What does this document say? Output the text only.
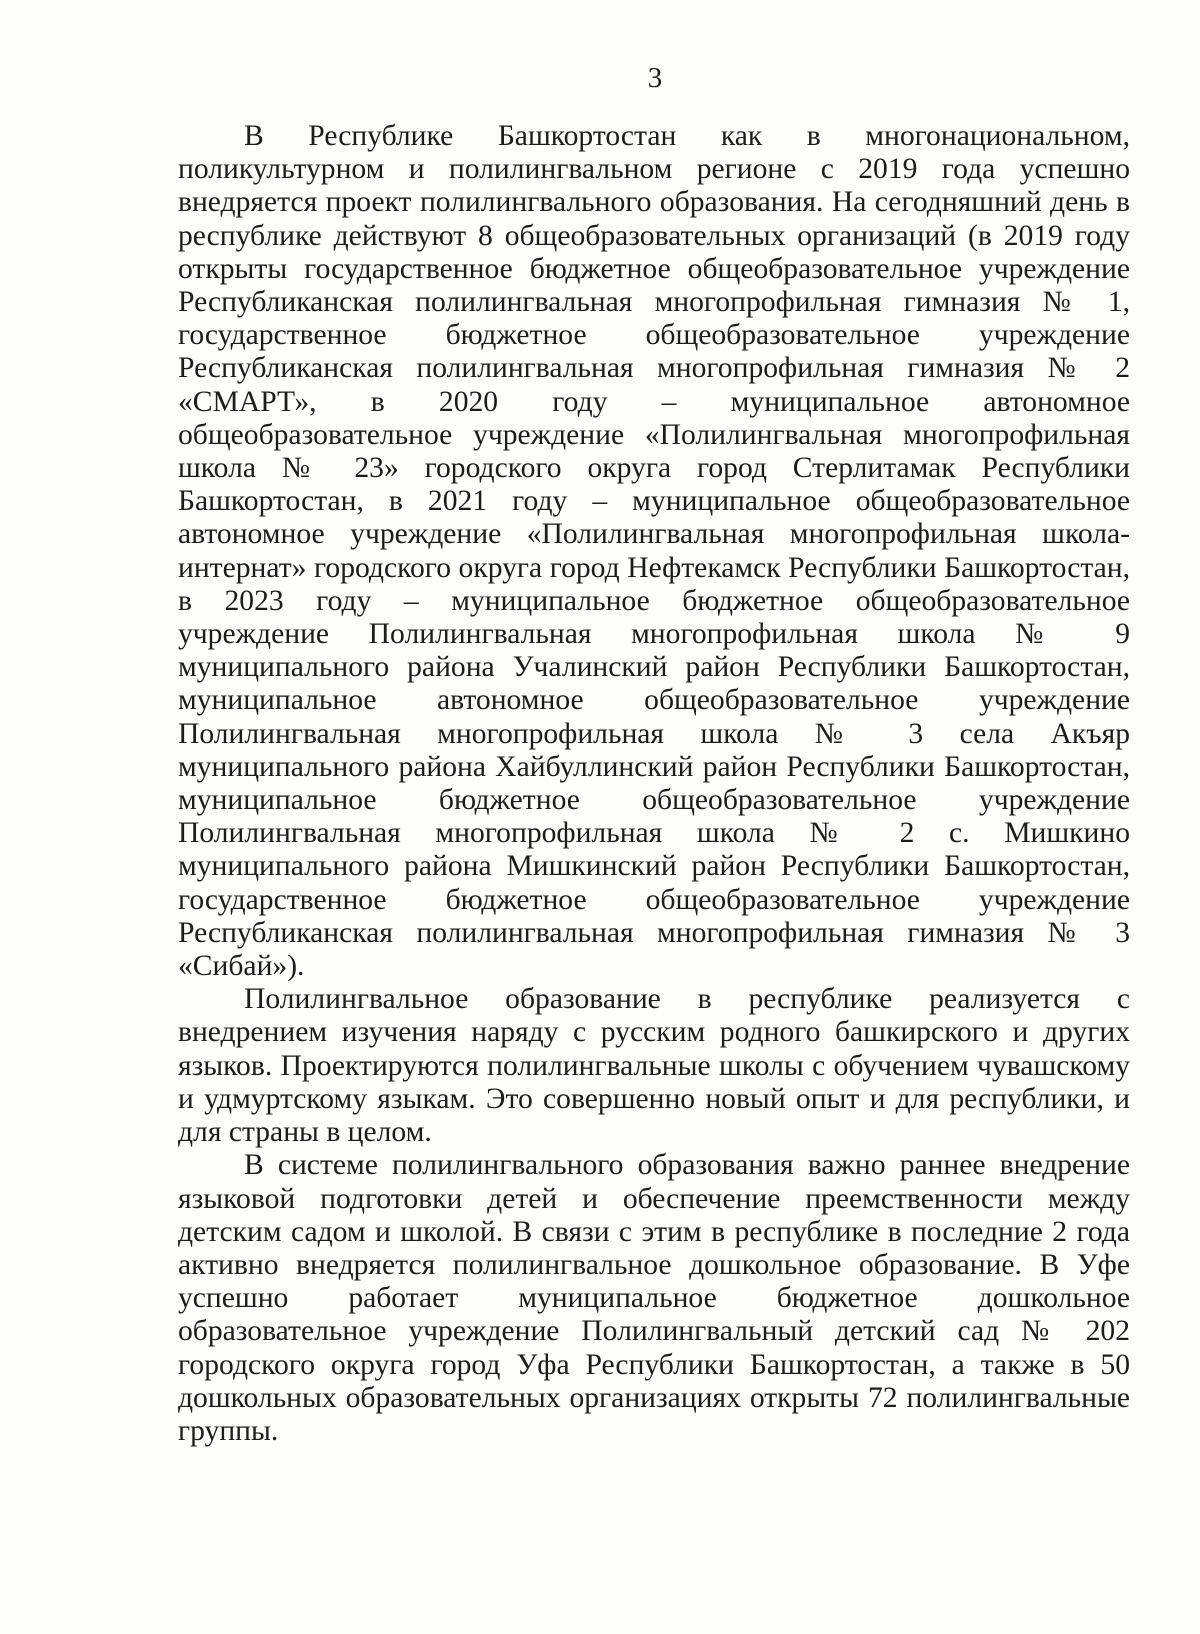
3

В Республике Башкортостан как в многонациональном, поликультурном и полилингвальном регионе с 2019 года успешно внедряется проект полилингвального образования. На сегодняшний день в республике действуют 8 общеобразовательных организаций (в 2019 году открыты государственное бюджетное общеобразовательное учреждение Республиканская полилингвальная многопрофильная гимназия № 1, государственное бюджетное общеобразовательное учреждение Республиканская полилингвальная многопрофильная гимназия № 2 «СМАРТ», в 2020 году – муниципальное автономное общеобразовательное учреждение «Полилингвальная многопрофильная школа № 23» городского округа город Стерлитамак Республики Башкортостан, в 2021 году – муниципальное общеобразовательное автономное учреждение «Полилингвальная многопрофильная школа-интернат» городского округа город Нефтекамск Республики Башкортостан, в 2023 году – муниципальное бюджетное общеобразовательное учреждение Полилингвальная многопрофильная школа № 9 муниципального района Учалинский район Республики Башкортостан, муниципальное автономное общеобразовательное учреждение Полилингвальная многопрофильная школа № 3 села Акъяр муниципального района Хайбуллинский район Республики Башкортостан, муниципальное бюджетное общеобразовательное учреждение Полилингвальная многопрофильная школа № 2 с. Мишкино муниципального района Мишкинский район Республики Башкортостан, государственное бюджетное общеобразовательное учреждение Республиканская полилингвальная многопрофильная гимназия № 3 «Сибай»).

Полилингвальное образование в республике реализуется с внедрением изучения наряду с русским родного башкирского и других языков. Проектируются полилингвальные школы с обучением чувашскому и удмуртскому языкам. Это совершенно новый опыт и для республики, и для страны в целом.

В системе полилингвального образования важно раннее внедрение языковой подготовки детей и обеспечение преемственности между детским садом и школой. В связи с этим в республике в последние 2 года активно внедряется полилингвальное дошкольное образование. В Уфе успешно работает муниципальное бюджетное дошкольное образовательное учреждение Полилингвальный детский сад № 202 городского округа город Уфа Республики Башкортостан, а также в 50 дошкольных образовательных организациях открыты 72 полилингвальные группы.
